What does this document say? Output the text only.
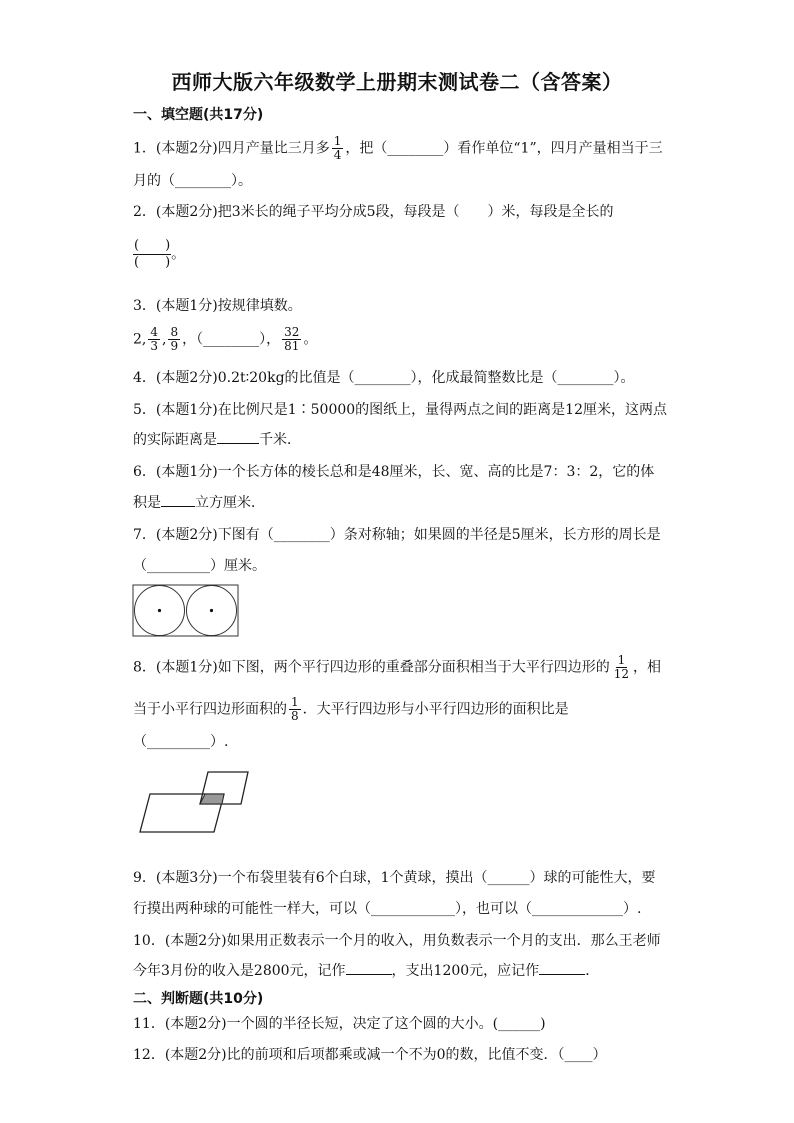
西师大版六年级数学上册期末测试卷二（含答案）
一、填空题(共17分)
1．(本题2分)四月产量比三月多 $\frac{1}{4}$ ，把（________）看作单位“1”，四月产量相当于三
月的（________）。
2．(本题2分)把3米长的绳子平均分成5段，每段是（　　）米，每段是全长的
$\frac{( )}{( )}$ 。
3．(本题1分)按规律填数。
2, $\frac{4}{3}$ , $\frac{8}{9}$ ，（________）， $\frac{32}{81}$ 。
4．(本题2分)0.2t∶20kg的比值是（________），化成最简整数比是（________）。
5．(本题1分)在比例尺是1∶50000的图纸上，量得两点之间的距离是12厘米，这两点
的实际距离是	千米．
6．(本题1分)一个长方体的棱长总和是48厘米，长、宽、高的比是7：3：2，它的体
积是 立方厘米．
7．(本题2分)下图有（________）条对称轴；如果圆的半径是5厘米，长方形的周长是
（_________）厘米。
8．(本题1分)如下图，两个平行四边形的重叠部分面积相当于大平行四边形的 $\frac{1}{12}$ ，相
当于小平行四边形面积的 $\frac{1}{8}$ ．大平行四边形与小平行四边形的面积比是
（_________）.
9．(本题3分)一个布袋里装有6个白球，1个黄球，摸出（______）球的可能性大，要
行摸出两种球的可能性一样大，可以（____________），也可以（_____________）.
10．(本题2分)如果用正数表示一个月的收入，用负数表示一个月的支出．那么王老师
今年3月份的收入是2800元，记作	，支出1200元，应记作	．
二、判断题(共10分)
11．(本题2分)一个圆的半径长短，决定了这个圆的大小。(______)
12．(本题2分)比的前项和后项都乘或减一个不为0的数，比值不变．（____）
